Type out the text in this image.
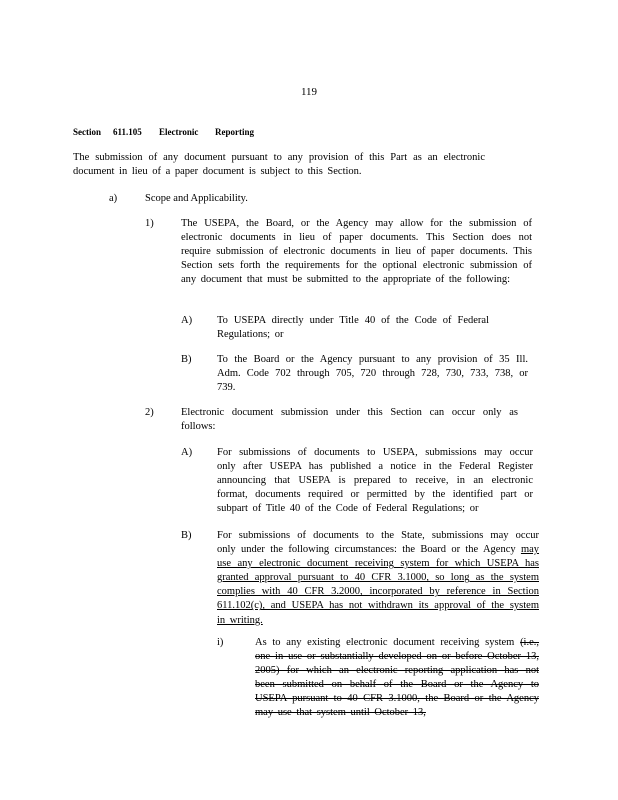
119
Section 611.105 Electronic Reporting
The submission of any document pursuant to any provision of this Part as an electronic document in lieu of a paper document is subject to this Section.
a)	Scope and Applicability.
1)	The USEPA, the Board, or the Agency may allow for the submission of electronic documents in lieu of paper documents. This Section does not require submission of electronic documents in lieu of paper documents. This Section sets forth the requirements for the optional electronic submission of any document that must be submitted to the appropriate of the following:
A) To USEPA directly under Title 40 of the Code of Federal Regulations; or
B) To the Board or the Agency pursuant to any provision of 35 Ill. Adm. Code 702 through 705, 720 through 728, 730, 733, 738, or 739.
2)	Electronic document submission under this Section can occur only as follows:
A) For submissions of documents to USEPA, submissions may occur only after USEPA has published a notice in the Federal Register announcing that USEPA is prepared to receive, in an electronic format, documents required or permitted by the identified part or subpart of Title 40 of the Code of Federal Regulations; or
B) For submissions of documents to the State, submissions may occur only under the following circumstances: the Board or the Agency may use any electronic document receiving system for which USEPA has granted approval pursuant to 40 CFR 3.1000, so long as the system complies with 40 CFR 3.2000, incorporated by reference in Section 611.102(c), and USEPA has not withdrawn its approval of the system in writing.
i)	As to any existing electronic document receiving system (i.e., one in use or substantially developed on or before October 13, 2005) for which an electronic reporting application has not been submitted on behalf of the Board or the Agency to USEPA pursuant to 40 CFR 3.1000, the Board or the Agency may use that system until October 13,
